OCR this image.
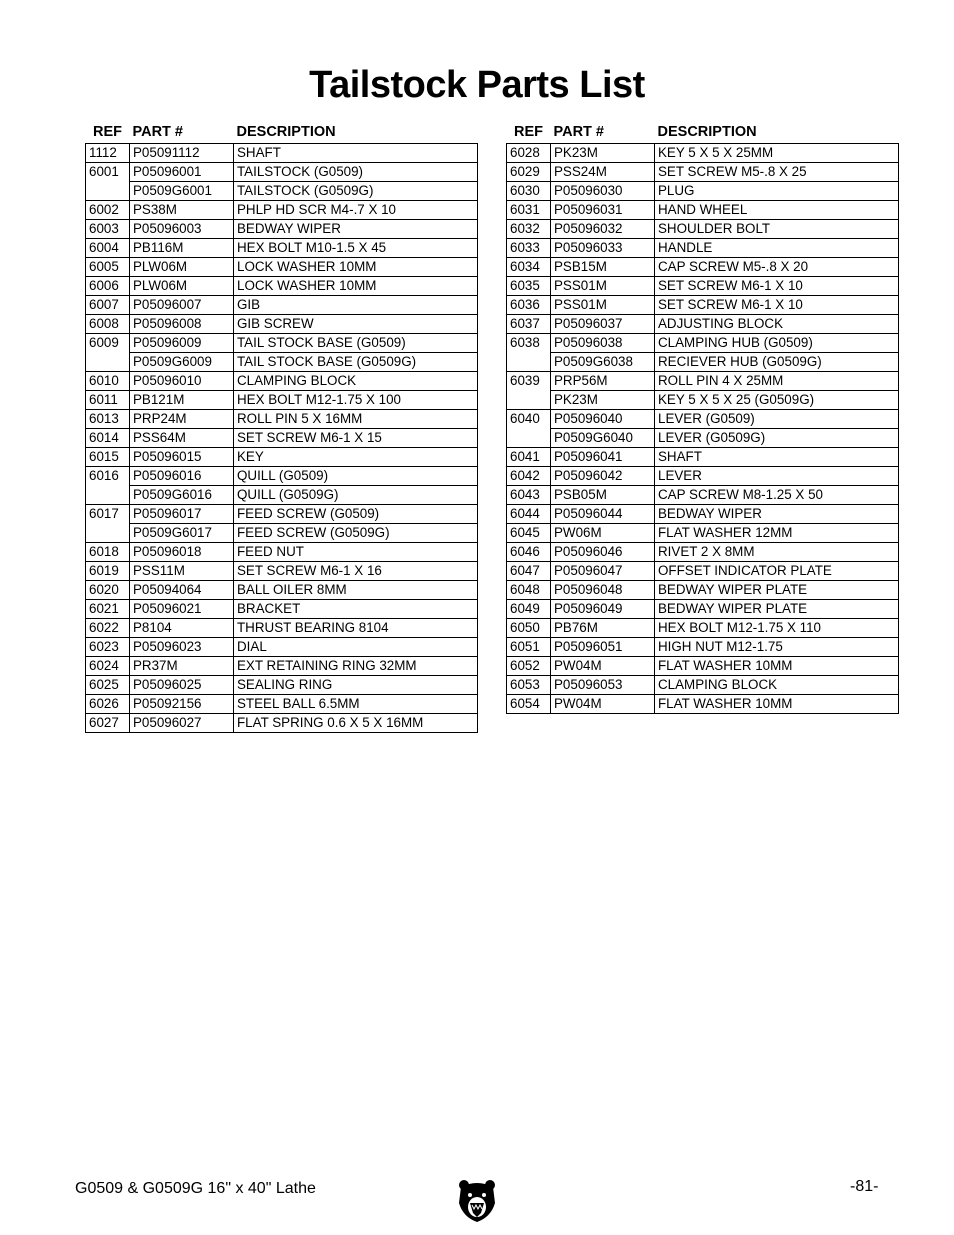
Tailstock Parts List
REF	PART #	DESCRIPTION
1112	P05091112	SHAFT
6001	P05096001	TAILSTOCK (G0509)
	P0509G6001	TAILSTOCK (G0509G)
6002	PS38M	PHLP HD SCR M4-.7 X 10
6003	P05096003	BEDWAY WIPER
6004	PB116M	HEX BOLT M10-1.5 X 45
6005	PLW06M	LOCK WASHER 10MM
6006	PLW06M	LOCK WASHER 10MM
6007	P05096007	GIB
6008	P05096008	GIB SCREW
6009	P05096009	TAIL STOCK BASE (G0509)
	P0509G6009	TAIL STOCK BASE (G0509G)
6010	P05096010	CLAMPING BLOCK
6011	PB121M	HEX BOLT M12-1.75 X 100
6013	PRP24M	ROLL PIN 5 X 16MM
6014	PSS64M	SET SCREW M6-1 X 15
6015	P05096015	KEY
6016	P05096016	QUILL (G0509)
	P0509G6016	QUILL (G0509G)
6017	P05096017	FEED SCREW (G0509)
	P0509G6017	FEED SCREW (G0509G)
6018	P05096018	FEED NUT
6019	PSS11M	SET SCREW M6-1 X 16
6020	P05094064	BALL OILER 8MM
6021	P05096021	BRACKET
6022	P8104	THRUST BEARING 8104
6023	P05096023	DIAL
6024	PR37M	EXT RETAINING RING 32MM
6025	P05096025	SEALING RING
6026	P05092156	STEEL BALL 6.5MM
6027	P05096027	FLAT SPRING 0.6 X 5 X 16MM
REF	PART #	DESCRIPTION
6028	PK23M	KEY 5 X 5 X 25MM
6029	PSS24M	SET SCREW M5-.8 X 25
6030	P05096030	PLUG
6031	P05096031	HAND WHEEL
6032	P05096032	SHOULDER BOLT
6033	P05096033	HANDLE
6034	PSB15M	CAP SCREW M5-.8 X 20
6035	PSS01M	SET SCREW M6-1 X 10
6036	PSS01M	SET SCREW M6-1 X 10
6037	P05096037	ADJUSTING BLOCK
6038	P05096038	CLAMPING HUB (G0509)
	P0509G6038	RECIEVER HUB (G0509G)
6039	PRP56M	ROLL PIN 4 X 25MM
	PK23M	KEY 5 X 5 X 25 (G0509G)
6040	P05096040	LEVER (G0509)
	P0509G6040	LEVER (G0509G)
6041	P05096041	SHAFT
6042	P05096042	LEVER
6043	PSB05M	CAP SCREW M8-1.25 X 50
6044	P05096044	BEDWAY WIPER
6045	PW06M	FLAT WASHER 12MM
6046	P05096046	RIVET 2 X 8MM
6047	P05096047	OFFSET INDICATOR PLATE
6048	P05096048	BEDWAY WIPER PLATE
6049	P05096049	BEDWAY WIPER PLATE
6050	PB76M	HEX BOLT M12-1.75 X 110
6051	P05096051	HIGH NUT M12-1.75
6052	PW04M	FLAT WASHER 10MM
6053	P05096053	CLAMPING BLOCK
6054	PW04M	FLAT WASHER 10MM
G0509 & G0509G 16" x 40" Lathe	-81-
